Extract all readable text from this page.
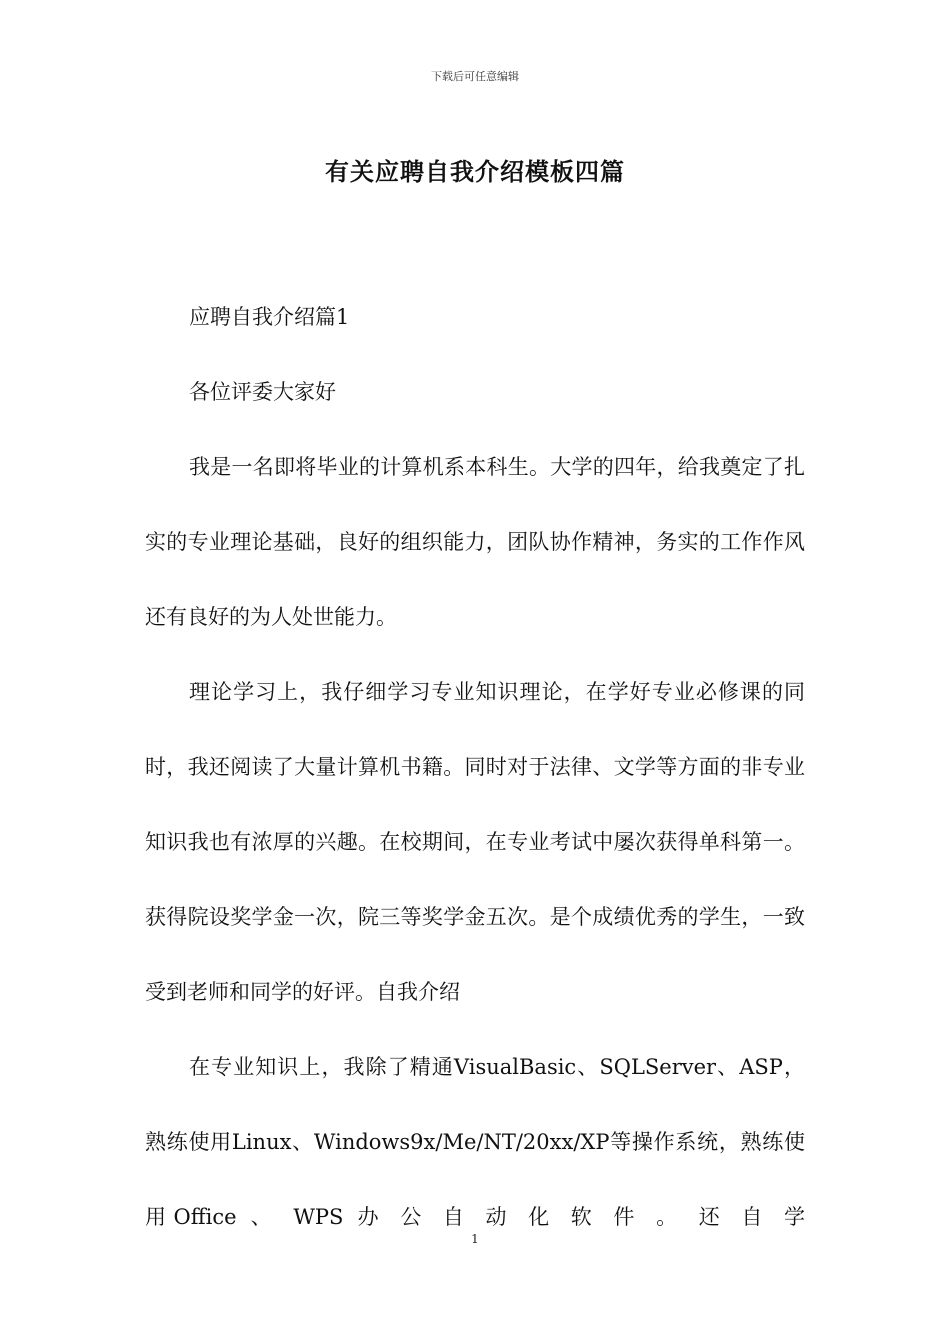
下载后可任意编辑
有关应聘自我介绍模板四篇

应聘自我介绍篇1

各位评委大家好

我是一名即将毕业的计算机系本科生。大学的四年，给我奠定了扎实的专业理论基础，良好的组织能力，团队协作精神，务实的工作作风还有良好的为人处世能力。

理论学习上，我仔细学习专业知识理论，在学好专业必修课的同时，我还阅读了大量计算机书籍。同时对于法律、文学等方面的非专业知识我也有浓厚的兴趣。在校期间，在专业考试中屡次获得单科第一。获得院设奖学金一次，院三等奖学金五次。是个成绩优秀的学生，一致受到老师和同学的好评。自我介绍

在专业知识上，我除了精通VisualBasic、SQLServer、ASP，熟练使用Linux、Windows9x/Me/NT/20xx/XP等操作系统，熟练使用Office 、 WPS 办 公 自 动 化 软 件 。 还 自 学

1
